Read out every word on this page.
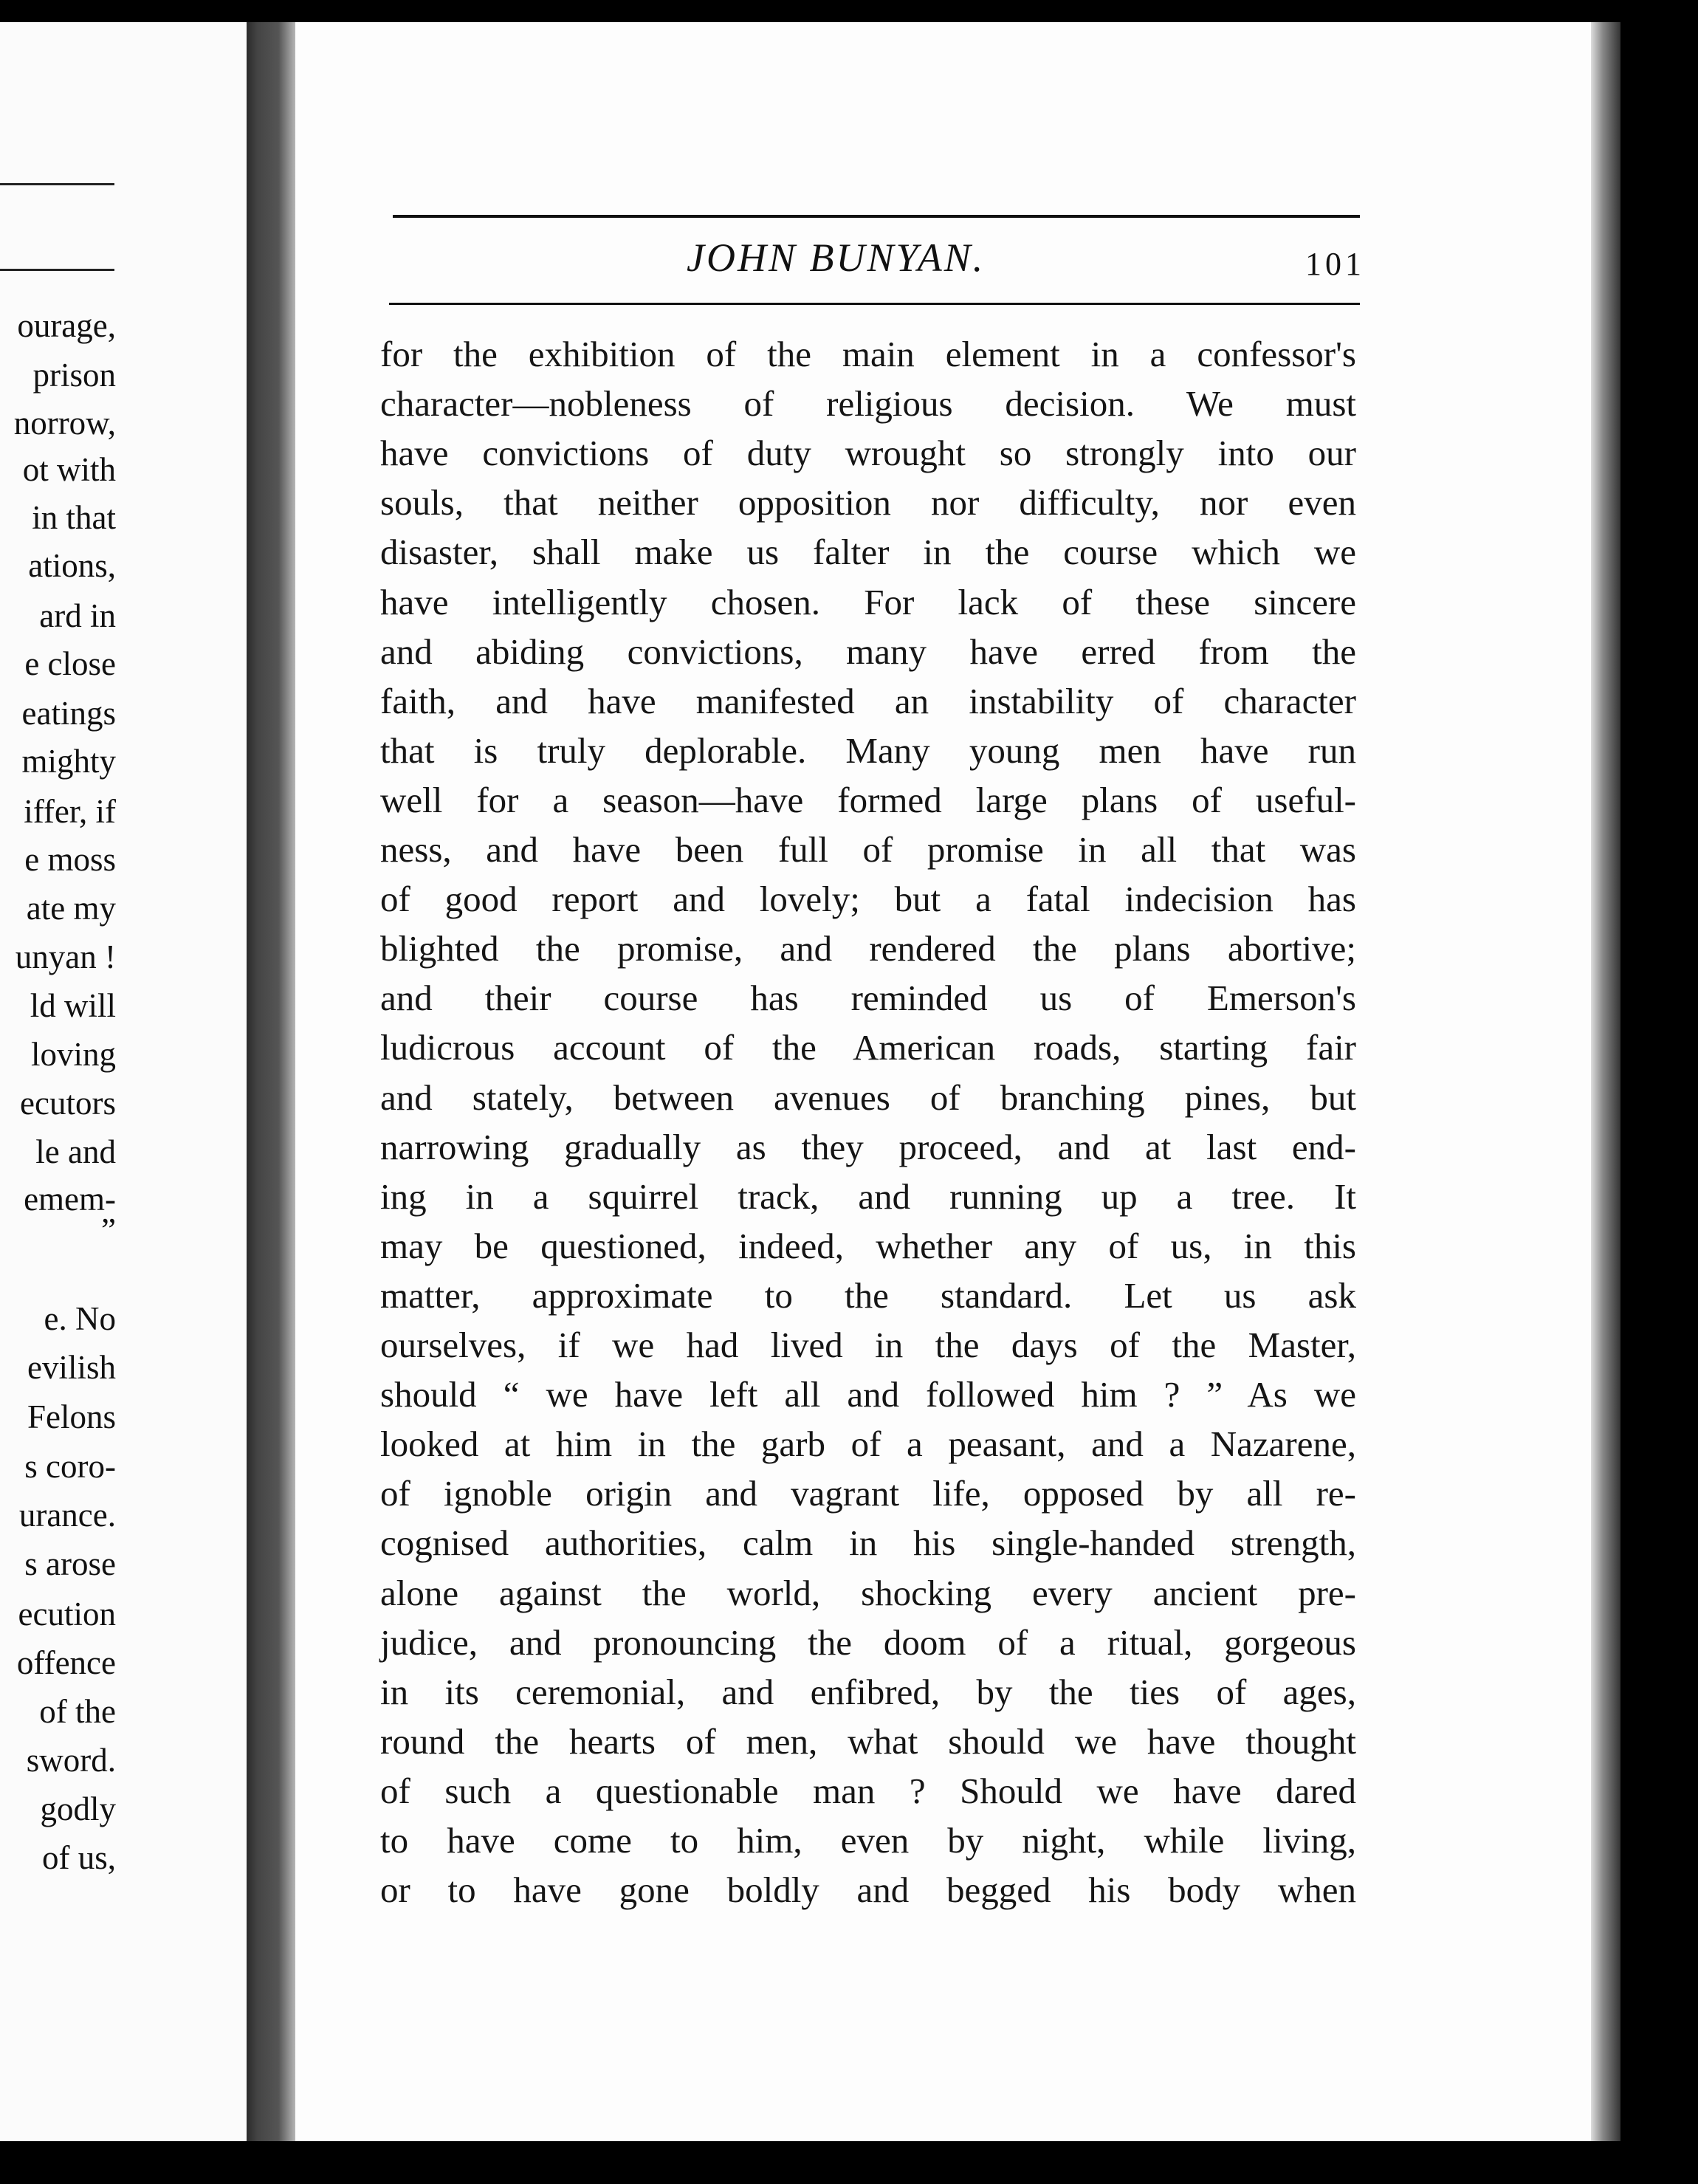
ourage,
prison
norrow,
ot with
in that
ations,
ard in
e close
eatings
mighty
iffer, if
e moss
ate my
unyan !
ld will
loving
ecutors
le and
emem-
”
e. No
evilish
Felons
s coro-
urance.
s arose
ecution
offence
of the
sword.
godly
of us,
JOHN BUNYAN.	101
for the exhibition of the main element in a confessor's
character—nobleness of religious decision. We must
have convictions of duty wrought so strongly into our
souls, that neither opposition nor difficulty, nor even
disaster, shall make us falter in the course which we
have intelligently chosen. For lack of these sincere
and abiding convictions, many have erred from the
faith, and have manifested an instability of character
that is truly deplorable. Many young men have run
well for a season—have formed large plans of useful-
ness, and have been full of promise in all that was
of good report and lovely; but a fatal indecision has
blighted the promise, and rendered the plans abortive;
and their course has reminded us of Emerson's
ludicrous account of the American roads, starting fair
and stately, between avenues of branching pines, but
narrowing gradually as they proceed, and at last end-
ing in a squirrel track, and running up a tree. It
may be questioned, indeed, whether any of us, in this
matter, approximate to the standard. Let us ask
ourselves, if we had lived in the days of the Master,
should “ we have left all and followed him ? ” As we
looked at him in the garb of a peasant, and a Nazarene,
of ignoble origin and vagrant life, opposed by all re-
cognised authorities, calm in his single-handed strength,
alone against the world, shocking every ancient pre-
judice, and pronouncing the doom of a ritual, gorgeous
in its ceremonial, and enfibred, by the ties of ages,
round the hearts of men, what should we have thought
of such a questionable man ? Should we have dared
to have come to him, even by night, while living,
or to have gone boldly and begged his body when
